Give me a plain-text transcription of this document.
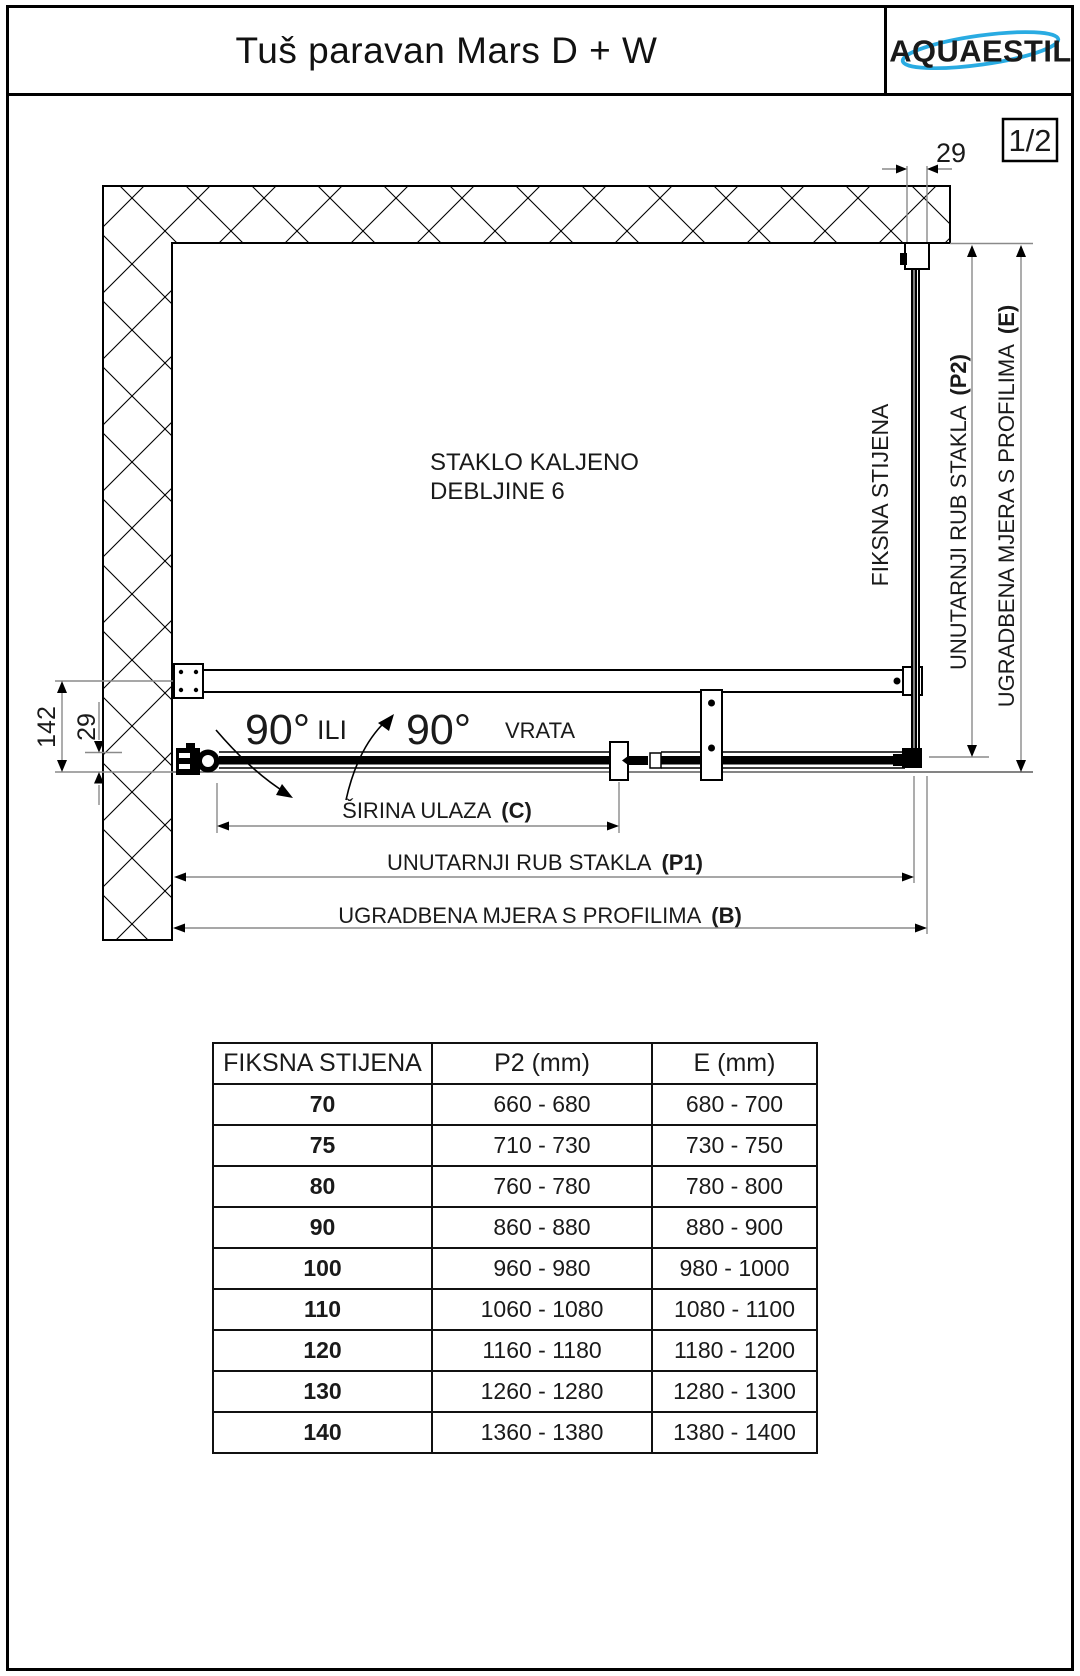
Tuš paravan Mars D + W	AQUAESTIL
1/2
29
FIKSNA STIJENA UNUTARNJI RUB STAKLA(P2) UGRADBENA MJERA S PROFILIMA(E)
142 29
STAKLO KALJENO
DEBLJINE 6
90° ILI 90° VRATA
ŠIRINA ULAZA (C)
UNUTARNJI RUB STAKLA (P1)
UGRADBENA MJERA S PROFILIMA (B)
FIKSNA STIJENA	P2 (mm)	E (mm)
70	660 - 680	680 - 700
75	710 - 730	730 - 750
80	760 - 780	780 - 800
90	860 - 880	880 - 900
100	960 - 980	980 - 1000
110	1060 - 1080	1080 - 1100
120	1160 - 1180	1180 - 1200
130	1260 - 1280	1280 - 1300
140	1360 - 1380	1380 - 1400
